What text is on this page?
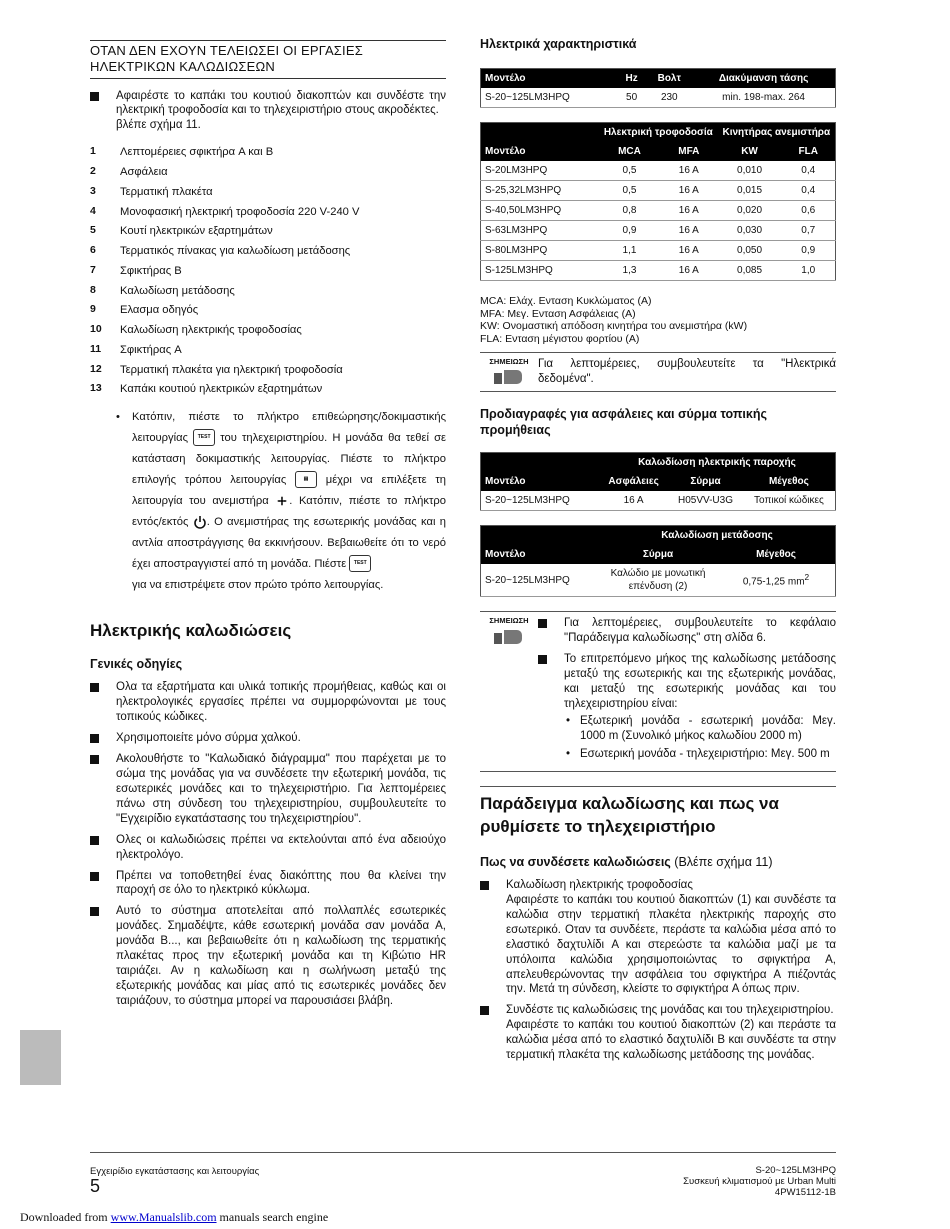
ΟΤΑΝ ΔΕΝ ΕΧΟΥΝ ΤΕΛΕΙΩΣΕΙ ΟΙ ΕΡΓΑΣΙΕΣ ΗΛΕΚΤΡΙΚΩΝ ΚΑΛΩΔΙΩΣΕΩΝ
Αφαιρέστε το καπάκι του κουτιού διακοπτών και συνδέστε την ηλεκτρική τροφοδοσία και το τηλεχειριστήριο στους ακροδέκτες.
βλέπε σχήμα 11.
1	Λεπτομέρειες σφικτήρα A και B
2	Ασφάλεια
3	Τερματική πλακέτα
4	Μονοφασική ηλεκτρική τροφοδοσία 220 V-240 V
5	Κουτί ηλεκτρικών εξαρτημάτων
6	Τερματικός πίνακας για καλωδίωση μετάδοσης
7	Σφικτήρας B
8	Καλωδίωση μετάδοσης
9	Ελασμα οδηγός
10	Καλωδίωση ηλεκτρικής τροφοδοσίας
11	Σφικτήρας A
12	Τερματική πλακέτα για ηλεκτρική τροφοδοσία
13	Καπάκι κουτιού ηλεκτρικών εξαρτημάτων
• Κατόπιν, πιέστε το πλήκτρο επιθεώρησης/δοκιμαστικής λειτουργίας TEST του τηλεχειριστηρίου. Η μονάδα θα τεθεί σε κατάσταση δοκιμαστικής λειτουργίας. Πιέστε το πλήκτρο επιλογής τρόπου λειτουργίας	▤ μέχρι να επιλέξετε τη λειτουργία του ανεμιστήρα . Κατόπιν, πιέστε το πλήκτρο εντός/εκτός . Ο ανεμιστήρας της εσωτερικής μονάδας και η αντλία αποστράγγισης θα εκκινήσουν. Βεβαιωθείτε ότι το νερό έχει αποστραγγιστεί από τη μονάδα. Πιέστε TEST
για να επιστρέψετε στον πρώτο τρόπο λειτουργίας.
Ηλεκτρικής καλωδιώσεις
Γενικές οδηγίες
Ολα τα εξαρτήματα και υλικά τοπικής προμήθειας, καθώς και οι ηλεκτρολογικές εργασίες πρέπει να συμμορφώνονται με τους τοπικούς κώδικες.
Χρησιμοποιείτε μόνο σύρμα χαλκού.
Ακολουθήστε το "Καλωδιακό διάγραμμα" που παρέχεται με το σώμα της μονάδας για να συνδέσετε την εξωτερική μονάδα, τις εσωτερικές μονάδες και το τηλεχειριστήριο. Για λεπτομέρειες πάνω στη σύνδεση του τηλεχειριστηρίου, συμβουλευτείτε το "Εγχειρίδιο εγκατάστασης του τηλεχειριστηρίου".
Ολες οι καλωδιώσεις πρέπει να εκτελούνται από ένα αδειούχο ηλεκτρολόγο.
Πρέπει να τοποθετηθεί ένας διακόπτης που θα κλείνει την παροχή σε όλο το ηλεκτρικό κύκλωμα.
Αυτό το σύστημα αποτελείται από πολλαπλές εσωτερικές μονάδες. Σημαδέψτε, κάθε εσωτερική μονάδα σαν μονάδα A, μονάδα B..., και βεβαιωθείτε ότι η καλωδίωση της τερματικής πλακέτας προς την εξωτερική μονάδα και τη Κιβώτιο HR ταιριάζει. Αν η καλωδίωση και η σωλήνωση μεταξύ της εξωτερικής μονάδας και μίας από τις εσωτερικές μονάδες δεν ταιριάζουν, το σύστημα μπορεί να παρουσιάσει βλάβη.
Ηλεκτρικά χαρακτηριστικά
Μοντέλο	Hz	Βολτ	Διακύμανση τάσης
S-20~125LM3HPQ	50	230	min. 198-max. 264
	Ηλεκτρική τροφοδοσία		Κινητήρας ανεμιστήρα	
Μοντέλο	MCA	MFA	KW	FLA
S-20LM3HPQ	0,5	16 A	0,010	0,4
S-25,32LM3HPQ	0,5	16 A	0,015	0,4
S-40,50LM3HPQ	0,8	16 A	0,020	0,6
S-63LM3HPQ	0,9	16 A	0,030	0,7
S-80LM3HPQ	1,1	16 A	0,050	0,9
S-125LM3HPQ	1,3	16 A	0,085	1,0
MCA: Ελάχ. Ενταση Κυκλώματος (A)
MFA: Μεγ. Ενταση Ασφάλειας (A)
KW: Ονομαστική απόδοση κινητήρα του ανεμιστήρα (kW)
FLA: Ενταση μέγιστου φορτίου (A)
ΣΗΜΕΙΩΣΗ Για λεπτομέρειες, συμβουλευτείτε τα "Ηλεκτρικά δεδομένα".
Προδιαγραφές για ασφάλειες και σύρμα τοπικής προμήθειας
	Καλωδίωση ηλεκτρικής παροχής		
Μοντέλο	Ασφάλειες	Σύρμα	Μέγεθος
S-20~125LM3HPQ	16 A	H05VV-U3G	Τοπικοί κώδικες
	Καλωδίωση μετάδοσης	
Μοντέλο	Σύρμα	Μέγεθος
S-20~125LM3HPQ	Καλώδιο με μονωτική επένδυση (2)	0,75-1,25 $mm^2$
ΣΗΜΕΙΩΣΗ	Για λεπτομέρειες, συμβουλευτείτε το κεφάλαιο "Παράδειγμα καλωδίωσης" στη σλίδα 6.
Το επιτρεπόμενο μήκος της καλωδίωσης μετάδοσης μεταξύ της εσωτερικής και της εξωτερικής μονάδας, και μεταξύ της εσωτερικής μονάδας και του τηλεχειριστηρίου είναι:
• Εξωτερική μονάδα - εσωτερική μονάδα: Μεγ. 1000 m (Συνολικό μήκος καλωδίου 2000 m)
• Εσωτερική μονάδα - τηλεχειριστήριο: Μεγ. 500 m
Παράδειγμα καλωδίωσης και πως να ρυθμίσετε το τηλεχειριστήριο
Πως να συνδέσετε καλωδιώσεις (Βλέπε σχήμα 11)
Καλωδίωση ηλεκτρικής τροφοδοσίας
Αφαιρέστε το καπάκι του κουτιού διακοπτών (1) και συνδέστε τα καλώδια στην τερματική πλακέτα ηλεκτρικής παροχής στο εσωτερικό. Οταν τα συνδέετε, περάστε τα καλώδια μέσα από το ελαστικό δαχτυλίδι A και στερεώστε τα καλώδια μαζί με τα υπόλοιπα καλώδια χρησιμοποιώντας το σφιγκτήρα A, απελευθερώνοντας την ασφάλεια του σφιγκτήρα A πιέζοντάς την. Μετά τη σύνδεση, κλείστε το σφιγκτήρα A όπως πριν.
Συνδέστε τις καλωδιώσεις της μονάδας και του τηλεχειριστηρίου.
Αφαιρέστε το καπάκι του κουτιού διακοπτών (2) και περάστε τα καλώδια μέσα από το ελαστικό δαχτυλίδι B και συνδέστε τα στην τερματική πλακέτα της καλωδίωσης μετάδοσης της μονάδας.
Εγχειρίδιο εγκατάστασης και λειτουργίας
5
S-20~125LM3HPQ
Συσκευή κλιματισμού με Urban Multi
4PW15112-1B
Downloaded from www.Manualslib.com manuals search engine
